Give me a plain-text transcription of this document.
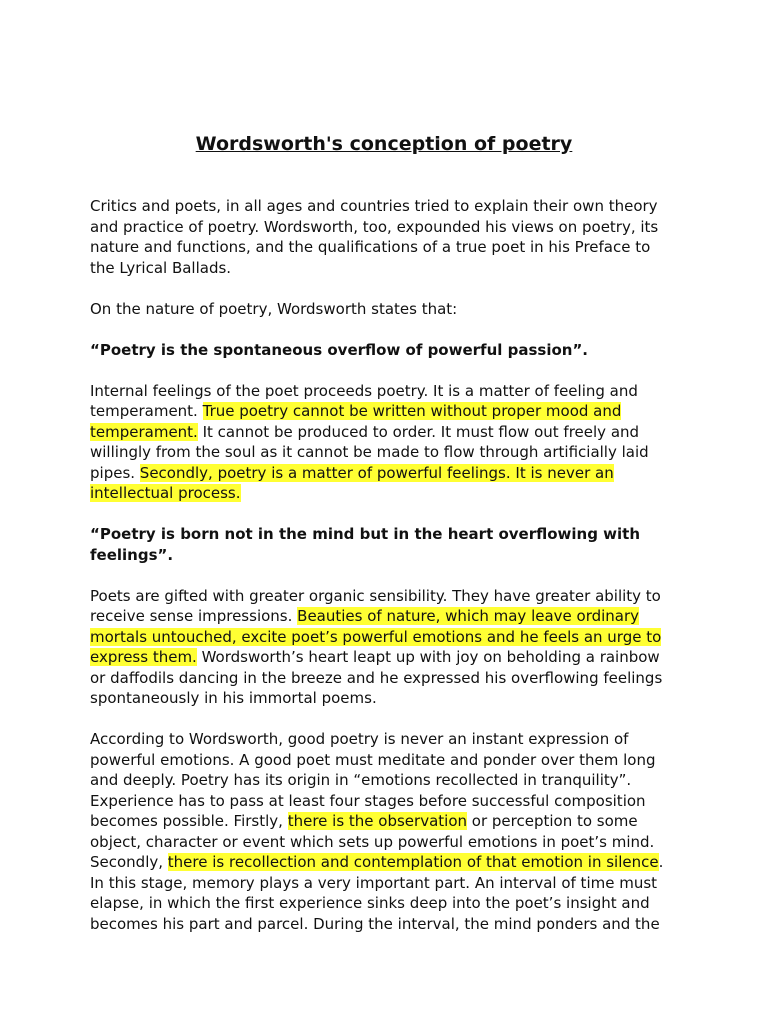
Wordsworth's conception of poetry

Critics and poets, in all ages and countries tried to explain their own theory
and practice of poetry. Wordsworth, too, expounded his views on poetry, its
nature and functions, and the qualifications of a true poet in his Preface to
the Lyrical Ballads.

On the nature of poetry, Wordsworth states that:

“Poetry is the spontaneous overflow of powerful passion”.

Internal feelings of the poet proceeds poetry. It is a matter of feeling and
temperament. True poetry cannot be written without proper mood and
temperament. It cannot be produced to order. It must flow out freely and
willingly from the soul as it cannot be made to flow through artificially laid
pipes. Secondly, poetry is a matter of powerful feelings. It is never an
intellectual process.

“Poetry is born not in the mind but in the heart overflowing with
feelings”.

Poets are gifted with greater organic sensibility. They have greater ability to
receive sense impressions. Beauties of nature, which may leave ordinary
mortals untouched, excite poet’s powerful emotions and he feels an urge to
express them. Wordsworth’s heart leapt up with joy on beholding a rainbow
or daffodils dancing in the breeze and he expressed his overflowing feelings
spontaneously in his immortal poems.

According to Wordsworth, good poetry is never an instant expression of
powerful emotions. A good poet must meditate and ponder over them long
and deeply. Poetry has its origin in “emotions recollected in tranquility”.
Experience has to pass at least four stages before successful composition
becomes possible. Firstly, there is the observation or perception to some
object, character or event which sets up powerful emotions in poet’s mind.
Secondly, there is recollection and contemplation of that emotion in silence.
In this stage, memory plays a very important part. An interval of time must
elapse, in which the first experience sinks deep into the poet’s insight and
becomes his part and parcel. During the interval, the mind ponders and the
